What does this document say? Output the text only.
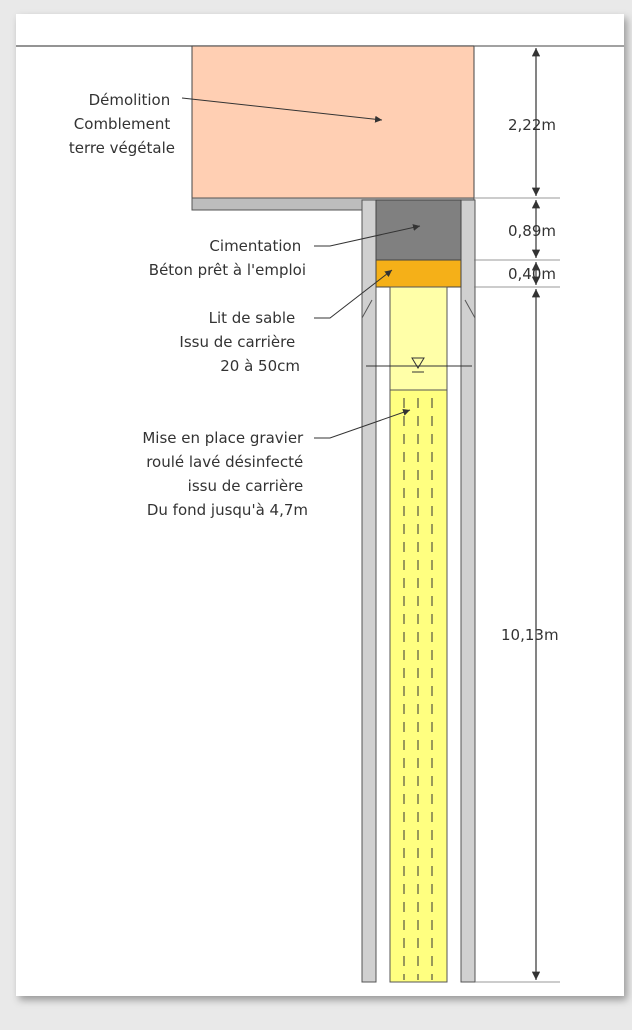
2,22m
0,89m
0,40m
10,13m
Démolition Comblement terre végétale
Cimentation Béton prêt à l'emploi
Lit de sable Issu de carrière 20 à 50cm
Mise en place gravier roulé lavé désinfecté issu de carrière Du fond jusqu'à 4,7m
